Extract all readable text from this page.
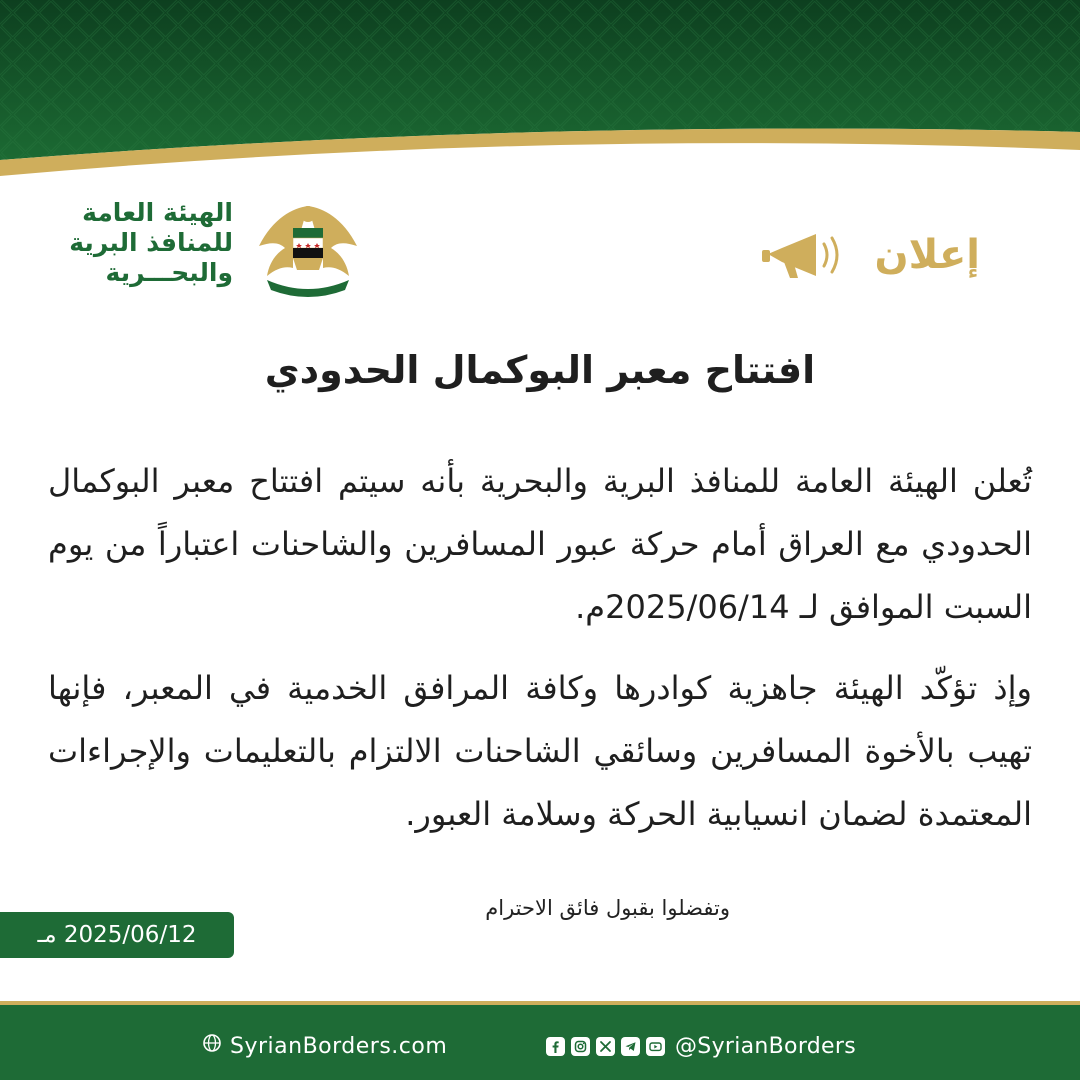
الهيئة العامة
للمنافذ البرية
والبحـــرية	إعلان
افتتاح معبر البوكمال الحدودي
تُعلن الهيئة العامة للمنافذ البرية والبحرية بأنه سيتم افتتاح معبر البوكمال الحدودي مع العراق أمام حركة عبور المسافرين والشاحنات اعتباراً من يوم السبت الموافق لـ 2025/06/14م.
وإذ تؤكّد الهيئة جاهزية كوادرها وكافة المرافق الخدمية في المعبر، فإنها تهيب بالأخوة المسافرين وسائقي الشاحنات الالتزام بالتعليمات والإجراءات المعتمدة لضمان انسيابية الحركة وسلامة العبور.
وتفضلوا بقبول فائق الاحترام
2025/06/12 مـ
SyrianBorders.com	@SyrianBorders
